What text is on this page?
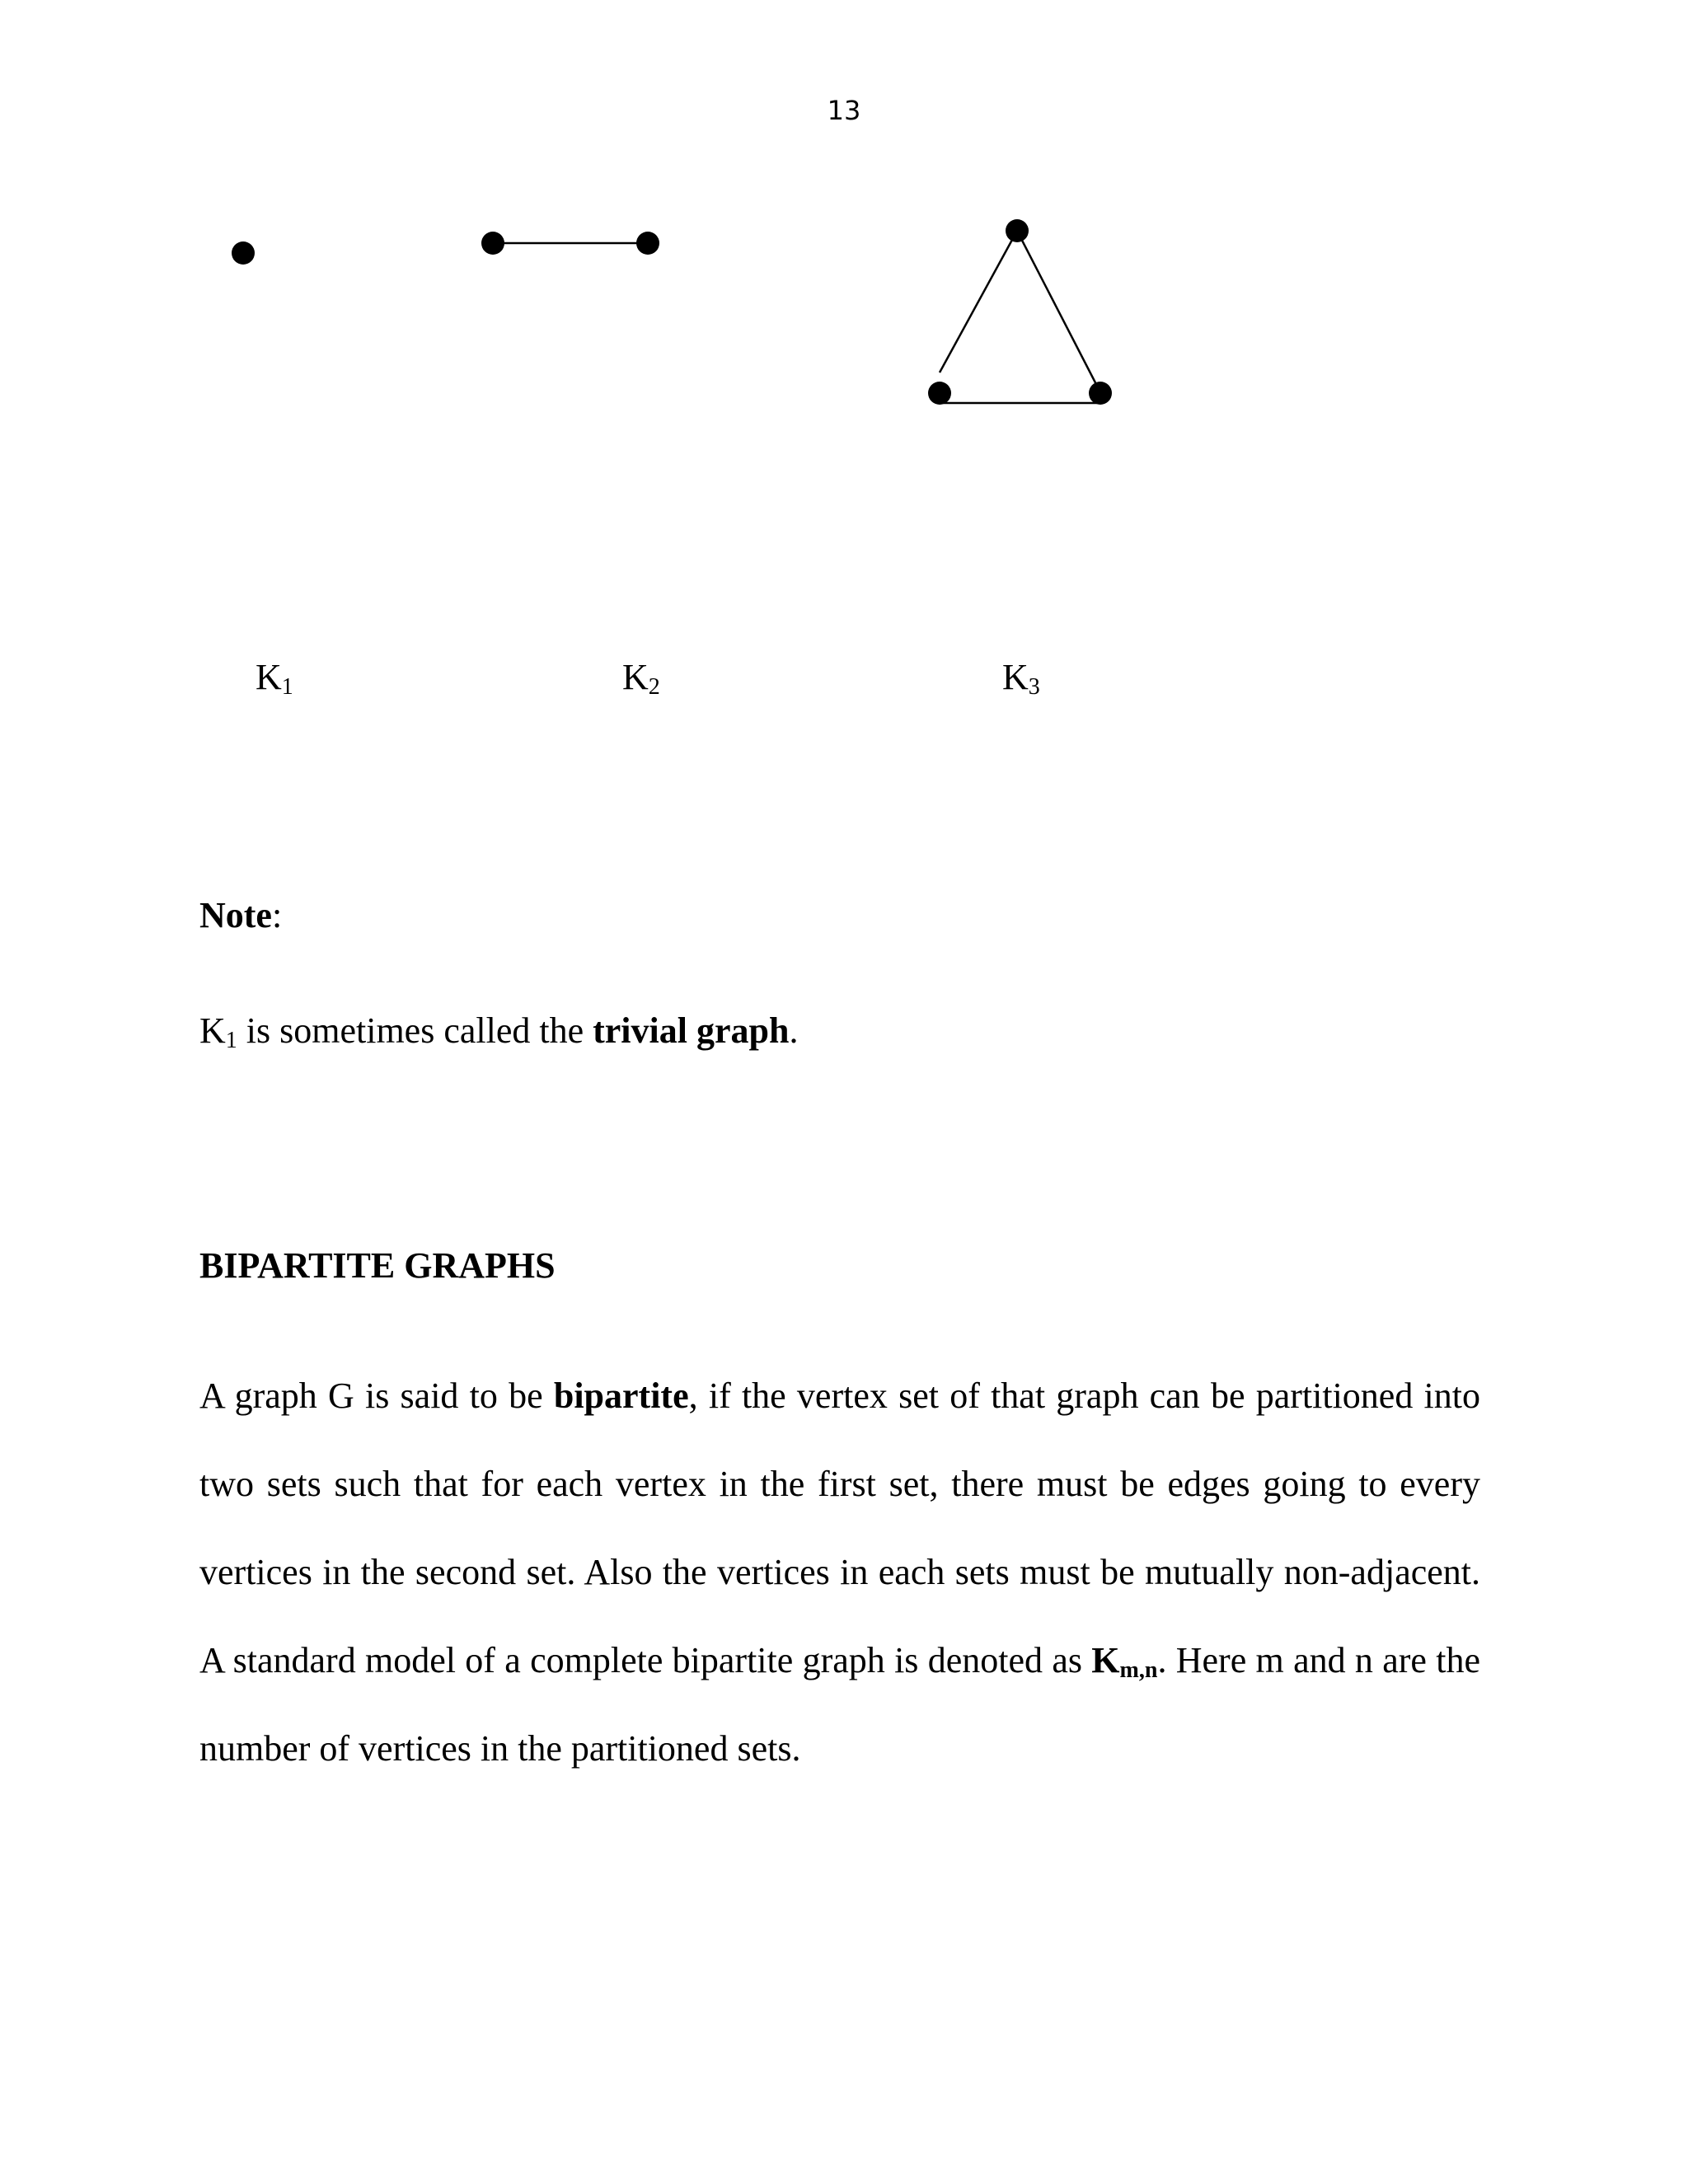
13
$K_1$	$K_2$	$K_3$
Note:
$K_1$ is sometimes called the trivial graph.
BIPARTITE GRAPHS
A graph G is said to be bipartite, if the vertex set of that graph can be partitioned into two sets such that for each vertex in the first set, there must be edges going to every vertices in the second set. Also the vertices in each sets must be mutually non-adjacent. A standard model of a complete bipartite graph is denoted as $K_{m,n}$. Here m and n are the number of vertices in the partitioned sets.
